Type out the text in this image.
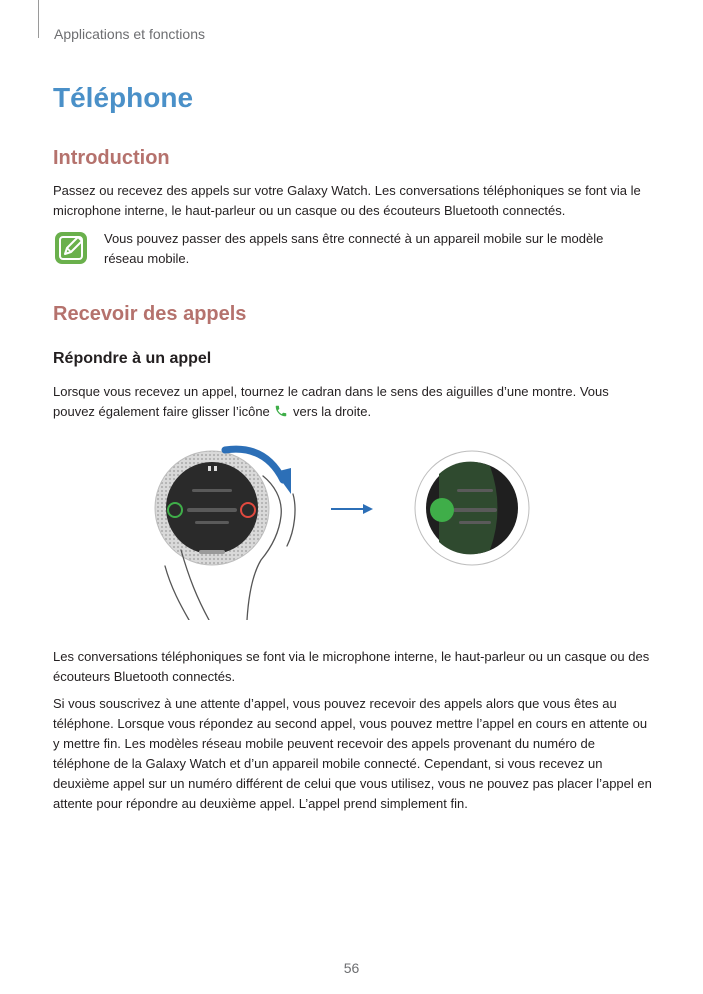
Applications et fonctions
Téléphone
Introduction

Passez ou recevez des appels sur votre Galaxy Watch. Les conversations téléphoniques se font via le microphone interne, le haut-parleur ou un casque ou des écouteurs Bluetooth connectés.

Vous pouvez passer des appels sans être connecté à un appareil mobile sur le modèle réseau mobile.

Recevoir des appels
Répondre à un appel

Lorsque vous recevez un appel, tournez le cadran dans le sens des aiguilles d’une montre. Vous pouvez également faire glisser l’icône vers la droite.

Les conversations téléphoniques se font via le microphone interne, le haut-parleur ou un casque ou des écouteurs Bluetooth connectés.

Si vous souscrivez à une attente d’appel, vous pouvez recevoir des appels alors que vous êtes au téléphone. Lorsque vous répondez au second appel, vous pouvez mettre l’appel en cours en attente ou y mettre fin. Les modèles réseau mobile peuvent recevoir des appels provenant du numéro de téléphone de la Galaxy Watch et d’un appareil mobile connecté. Cependant, si vous recevez un deuxième appel sur un numéro différent de celui que vous utilisez, vous ne pouvez pas placer l’appel en attente pour répondre au deuxième appel. L’appel prend simplement fin.

56
